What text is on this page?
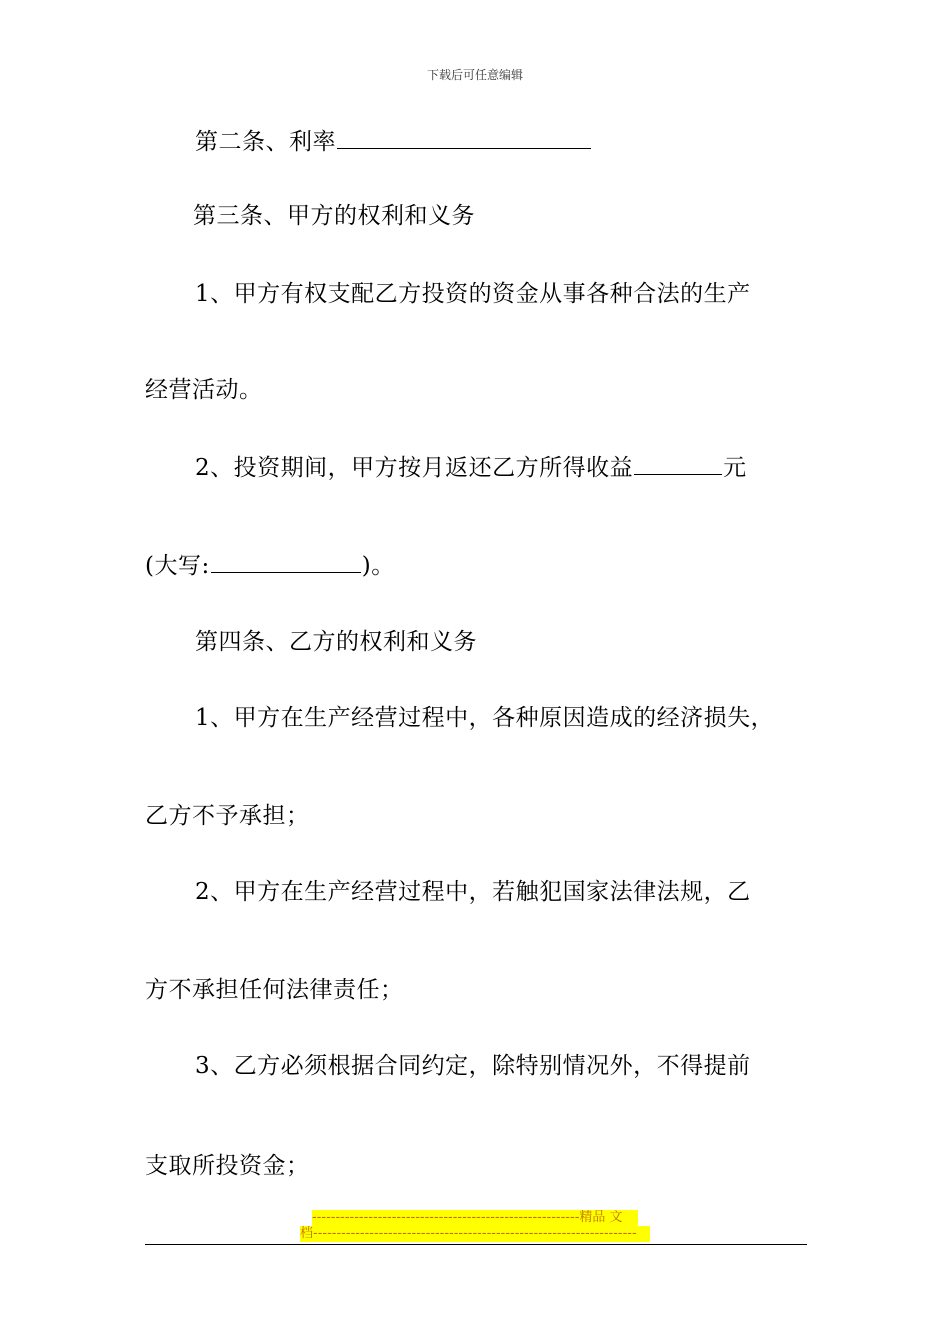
下载后可任意编辑
第二条、利率
第三条、甲方的权利和义务
1、甲方有权支配乙方投资的资金从事各种合法的生产
经营活动。
2、投资期间，甲方按月返还乙方所得收益	元
(大写:	)。
第四条、乙方的权利和义务
1、甲方在生产经营过程中，各种原因造成的经济损失，
乙方不予承担；
2、甲方在生产经营过程中，若触犯国家法律法规，乙
方不承担任何法律责任；
3、乙方必须根据合同约定，除特别情况外，不得提前
支取所投资金；
---------------------------------------------------------精品 文
档---------------------------------------------------------------------
